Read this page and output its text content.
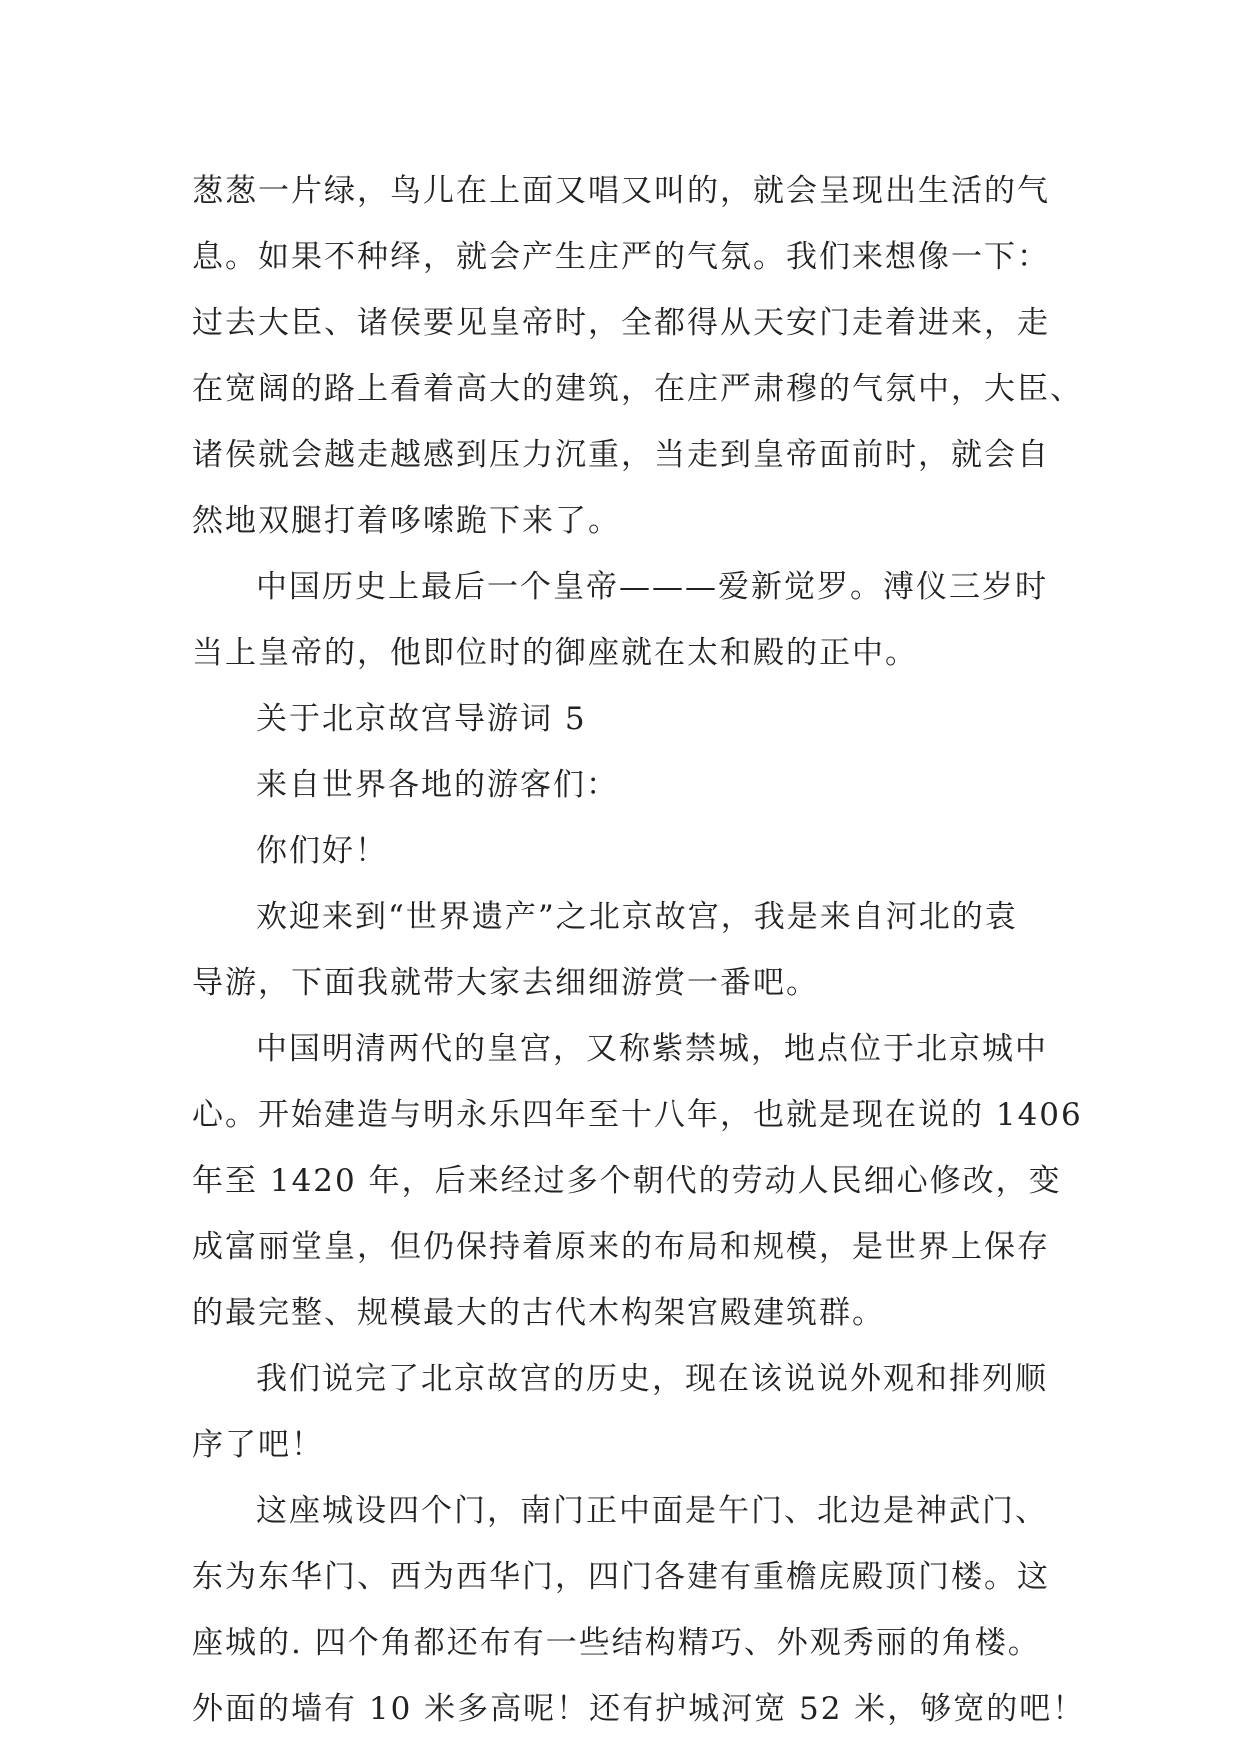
葱葱一片绿，鸟儿在上面又唱又叫的，就会呈现出生活的气
息。如果不种绎，就会产生庄严的气氛。我们来想像一下：
过去大臣、诸侯要见皇帝时，全都得从天安门走着进来，走
在宽阔的路上看着高大的建筑，在庄严肃穆的气氛中，大臣、
诸侯就会越走越感到压力沉重，当走到皇帝面前时，就会自
然地双腿打着哆嗦跪下来了。
中国历史上最后一个皇帝———爱新觉罗。溥仪三岁时
当上皇帝的，他即位时的御座就在太和殿的正中。
关于北京故宫导游词 5
来自世界各地的游客们：
你们好！
欢迎来到“世界遗产”之北京故宫，我是来自河北的袁
导游，下面我就带大家去细细游赏一番吧。
中国明清两代的皇宫，又称紫禁城，地点位于北京城中
心。开始建造与明永乐四年至十八年，也就是现在说的 1406
年至 1420 年，后来经过多个朝代的劳动人民细心修改，变
成富丽堂皇，但仍保持着原来的布局和规模，是世界上保存
的最完整、规模最大的古代木构架宫殿建筑群。
我们说完了北京故宫的历史，现在该说说外观和排列顺
序了吧！
这座城设四个门，南门正中面是午门、北边是神武门、
东为东华门、西为西华门，四门各建有重檐庑殿顶门楼。这
座城的. 四个角都还布有一些结构精巧、外观秀丽的角楼。
外面的墙有 10 米多高呢！还有护城河宽 52 米，够宽的吧！
